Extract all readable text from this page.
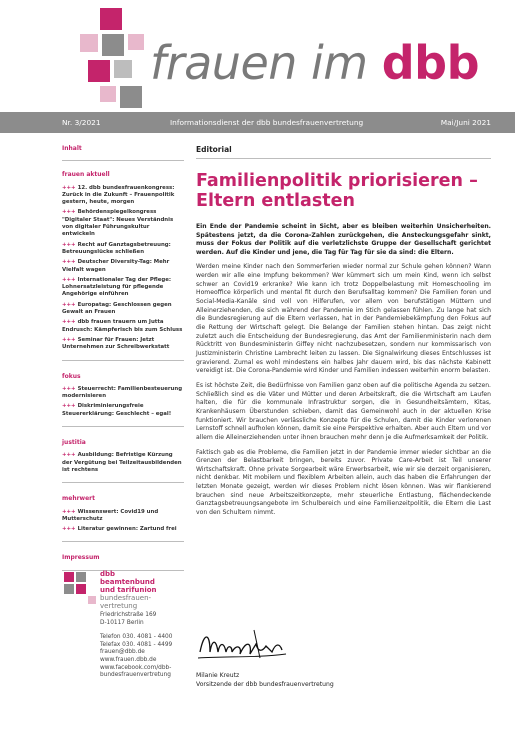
frauen im dbb
Nr. 3/2021	Informationsdienst der dbb bundesfrauenvertretung	Mai/Juni 2021
Inhalt
frauen aktuell
+++ 12. dbb bundesfrauenkongress: Zurück in die Zukunft – Frauenpolitik gestern, heute, morgen
+++ Behördenspiegelkongress "Digitaler Staat": Neues Verständnis von digitaler Führungskultur entwickeln
+++ Recht auf Ganztagsbetreuung: Betreuungslücke schließen
+++ Deutscher Diversity-Tag: Mehr Vielfalt wagen
+++ Internationaler Tag der Pflege: Lohnersatzleistung für pflegende Angehörige einführen
+++ Europatag: Geschlossen gegen Gewalt an Frauen
+++ dbb frauen trauern um Jutta Endrusch: Kämpferisch bis zum Schluss
+++ Seminar für Frauen: Jetzt Unternehmen zur Schreibwerkstatt
fokus
+++ Steuerrecht: Familienbesteuerung modernisieren
+++ Diskriminierungsfreie Steuererklärung: Geschlecht – egal!
justitia
+++ Ausbildung: Befristige Kürzung der Vergütung bei Teilzeitausbildenden ist rechtens
mehrwert
+++ Wissenswert: Covid19 und Mutterschutz
+++ Literatur gewinnen: Zartund frei
Impressum
dbb
beamtenbund
und tarifunion
bundesfrauen-
vertretung
Friedrichstraße 169
D-10117 Berlin
Telefon 030. 4081 - 4400
Telefax 030. 4081 - 4499
frauen@dbb.de
www.frauen.dbb.de
www.facebook.com/dbb-
bundesfrauenvertretung
Editorial
Familienpolitik priorisieren –
Eltern entlasten
Ein Ende der Pandemie scheint in Sicht, aber es bleiben weiterhin Unsicherheiten. Spätestens jetzt, da die Corona-Zahlen zurückgehen, die Ansteckungsgefahr sinkt, muss der Fokus der Politik auf die verletzlichste Gruppe der Gesellschaft gerichtet werden. Auf die Kinder und jene, die Tag für Tag für sie da sind: die Eltern.

Werden meine Kinder nach den Sommerferien wieder normal zur Schule gehen können? Wann werden wir alle eine Impfung bekommen? Wer kümmert sich um mein Kind, wenn ich selbst schwer an Covid19 erkranke? Wie kann ich trotz Doppelbelastung mit Homeschooling im Homeoffice körperlich und mental fit durch den Berufsalltag kommen? Die Familien foren und Social-Media-Kanäle sind voll von Hilferufen, vor allem von berufstätigen Müttern und Alleinerziehenden, die sich während der Pandemie im Stich gelassen fühlen. Zu lange hat sich die Bundesregierung auf die Eltern verlassen, hat in der Pandemiebekämpfung den Fokus auf die Rettung der Wirtschaft gelegt. Die Belange der Familien stehen hintan. Das zeigt nicht zuletzt auch die Entscheidung der Bundesregierung, das Amt der Familienministerin nach dem Rücktritt von Bundesministerin Giffey nicht nachzubesetzen, sondern nur kommissarisch von Justizministerin Christine Lambrecht leiten zu lassen. Die Signalwirkung dieses Entschlusses ist gravierend. Zumal es wohl mindestens ein halbes Jahr dauern wird, bis das nächste Kabinett vereidigt ist. Die Corona-Pandemie wird Kinder und Familien indessen weiterhin enorm belasten.

Es ist höchste Zeit, die Bedürfnisse von Familien ganz oben auf die politische Agenda zu setzen. Schließlich sind es die Väter und Mütter und deren Arbeitskraft, die die Wirtschaft am Laufen halten, die für die kommunale Infrastruktur sorgen, die in Gesundheitsämtern, Kitas, Krankenhäusern Überstunden schieben, damit das Gemeinwohl auch in der aktuellen Krise funktioniert. Wir brauchen verlässliche Konzepte für die Schulen, damit die Kinder verlorenen Lernstoff schnell aufholen können, damit sie eine Perspektive erhalten. Aber auch Eltern und vor allem die Alleinerziehenden unter ihnen brauchen mehr denn je die Aufmerksamkeit der Politik.

Faktisch gab es die Probleme, die Familien jetzt in der Pandemie immer wieder sichtbar an die Grenzen der Belastbarkeit bringen, bereits zuvor. Private Care-Arbeit ist Teil unserer Wirtschaftskraft. Ohne private Sorgearbeit wäre Erwerbsarbeit, wie wir sie derzeit organisieren, nicht denkbar. Mit mobilem und flexiblem Arbeiten allein, auch das haben die Erfahrungen der letzten Monate gezeigt, werden wir dieses Problem nicht lösen können. Was wir flankierend brauchen sind neue Arbeitszeitkonzepte, mehr steuerliche Entlastung, flächendeckende Ganztagsbetreuungsangebote im Schulbereich und eine Familienzeitpolitik, die Eltern die Last von den Schultern nimmt.

Milanie Kreutz
Vorsitzende der dbb bundesfrauenvertretung
